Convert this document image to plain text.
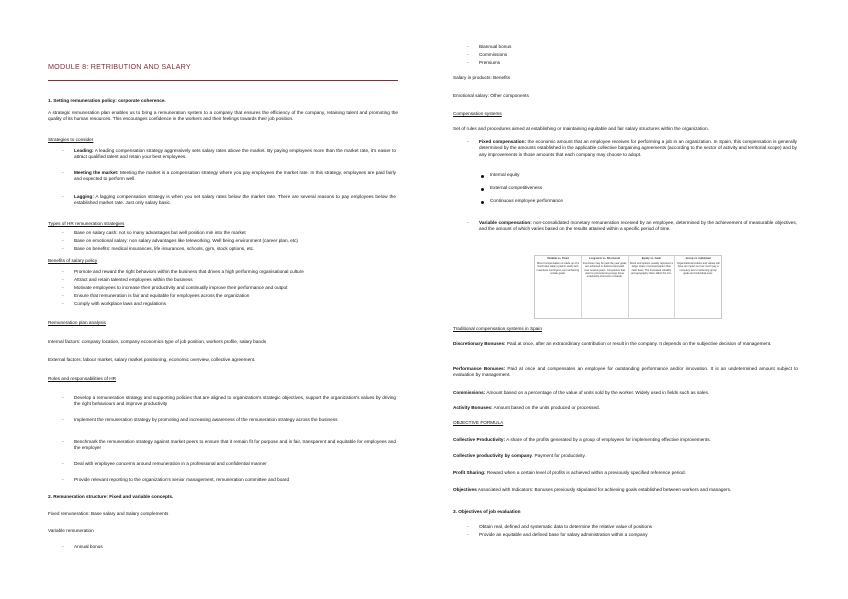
MODULE 8: RETRIBUTION AND SALARY

1. Setting remuneration policy: corporate coherence.

A strategic remuneration plan enables us to bring a remuneration system to a company that ensures the efficiency of the company, retaining talent and promoting the quality of its human resources. This encourages confidence in the workers and their feelings towards their job position.

Strategies to consider

- Leading: A leading compensation strategy aggressively sets salary rates above the market. By paying employees more than the market rate, it's easier to attract qualified talent and retain your best employees.

- Meeting the market: Meeting the market is a compensation strategy where you pay employees the market rate. In this strategy, employees are paid fairly and expected to perform well.

- Lagging: A lagging compensation strategy is when you set salary rates below the market rate. There are several reasons to pay employees below the established market rate. Just only salary basic.

Types of HR remuneration strategies

- Base on salary cash: not so many advantages but well position min into the market

- Base on emotional salary: non salary advantages like teleworking. Well being environment (career plan, etc)

- Base on benefits: medical insurances, life insurances, schools, gym, stock options, etc.

Benefits of salary policy

- Promote and reward the right behaviors within the business that drives a high performing organisational culture

- Attract and retain talented employees within the business

- Motivate employees to increase their productivity and continually improve their performance and output

- Ensure that remuneration is fair and equitable for employees across the organization

- Comply with workplace laws and regulations

Remuneration plan analysis

Internal factors: company location, company economics type of job position, workers profile, salary bands

External factors: labour market, salary market positioning, economic overview, collective agreement.

Roles and responsabilities of HR

- Develop a remuneration strategy and supporting policies that are aligned to organization's strategic objectives, support the organization's values by driving the right behaviours and improve productivity

- Implement the remuneration strategy by promoting and increasing awareness of the remuneration strategy across the business

- Benchmark the remuneration strategy against market peers to ensure that it remain fit for purpose and is fair, transparent and equitable for employees and the employer

- Deal with employee concerns around remuneration in a professional and confidential manner

- Provide relevant reporting to the organization's senior management, remuneration committee and board

2. Remuneration structure: Fixed and variable concepts.

Fixed remuneration: Base salary and Salary complements

Variable remuneration

- Annual bonus

- Biannual bonus

- Commissions

- Premiums

Salary in products: Benefits

Emotional salary: Other components

Compensation systems

Set of rules and procedures aimed at establishing or maintaining equitable and fair salary structures within the organization.

- Fixed compensation: the economic amount that an employee receives for performing a job in an organization. In Spain, this compensation is generally determined by the amounts established in the applicable collective bargaining agreements (according to the sector of activity and territorial scope) and by any improvements in those amounts that each company may choose to adopt.

Internal equity

External competitiveness

Continuous employee performance

- Variable compensation: non-consolidated monetary remuneration received by an employee, determined by the achievement of measurable objectives, and the amount of which varies based on the results attained within a specific period of time.

Variable vs. Fixed
Direct compensation is made up of a fixed base salary (paid in cash) with incentives contingent upon achieving certain goals.
Long-term vs. Short-term
Incentives may be paid the year goals are achieved or deferred and paid over several years. Companies that want to promote long-range focus emphasize short-term rewards.
Equity vs. Cash
Stock and options usually represent a larger share of compensation than cash does. The increased volatility and geography often affect the mix.
Group vs. Individual
Organizational culture and values will have an impact on how much pay a company ties to achieving group goals and individual ones.

Traditional compensation systems in Spain

Discretionary Bonuses: Paid at once, after an extraordinary contribution or result in the company. It depends on the subjective decision of management.

Performance Bonuses: Paid at once and compensates an employee for outstanding performance and/or innovation. It is an undetermined amount subject to evaluation by management.

Commissions: Amount based on a percentage of the value of units sold by the worker. Widely used in fields such as sales.

Activity Bonuses: Amount based on the units produced or processed.

OBJECTIVE FORMULA

Collective Productivity: A share of the profits generated by a group of employees for implementing effective improvements.

Collective productivity by company. Payment for productivity.

Profit Sharing: Reward when a certain level of profits is achieved within a previously specified reference period.

Objectives Associated with Indicators: Bonuses previously stipulated for achieving goals established between workers and managers.

3. Objectives of job evaluation

- Obtain real, defined and systematic data to determine the relative value of positions

- Provide an equitable and defined base for salary administration within a company
